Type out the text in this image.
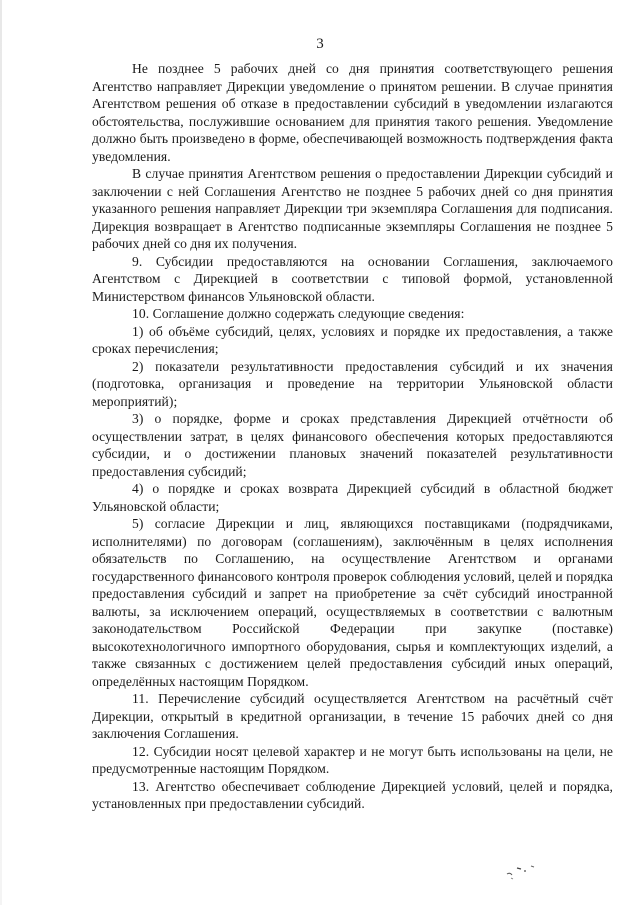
3

Не позднее 5 рабочих дней со дня принятия соответствующего решения Агентство направляет Дирекции уведомление о принятом решении. В случае принятия Агентством решения об отказе в предоставлении субсидий в уведомлении излагаются обстоятельства, послужившие основанием для принятия такого решения. Уведомление должно быть произведено в форме, обеспечивающей возможность подтверждения факта уведомления.

В случае принятия Агентством решения о предоставлении Дирекции субсидий и заключении с ней Соглашения Агентство не позднее 5 рабочих дней со дня принятия указанного решения направляет Дирекции три экземпляра Соглашения для подписания. Дирекция возвращает в Агентство подписанные экземпляры Соглашения не позднее 5 рабочих дней со дня их получения.

9. Субсидии предоставляются на основании Соглашения, заключаемого Агентством с Дирекцией в соответствии с типовой формой, установленной Министерством финансов Ульяновской области.

10. Соглашение должно содержать следующие сведения:

1) об объёме субсидий, целях, условиях и порядке их предоставления, а также сроках перечисления;

2) показатели результативности предоставления субсидий и их значения (подготовка, организация и проведение на территории Ульяновской области мероприятий);

3) о порядке, форме и сроках представления Дирекцией отчётности об осуществлении затрат, в целях финансового обеспечения которых предоставляются субсидии, и о достижении плановых значений показателей результативности предоставления субсидий;

4) о порядке и сроках возврата Дирекцией субсидий в областной бюджет Ульяновской области;

5) согласие Дирекции и лиц, являющихся поставщиками (подрядчиками, исполнителями) по договорам (соглашениям), заключённым в целях исполнения обязательств по Соглашению, на осуществление Агентством и органами государственного финансового контроля проверок соблюдения условий, целей и порядка предоставления субсидий и запрет на приобретение за счёт субсидий иностранной валюты, за исключением операций, осуществляемых в соответствии с валютным законодательством Российской Федерации при закупке (поставке) высокотехнологичного импортного оборудования, сырья и комплектующих изделий, а также связанных с достижением целей предоставления субсидий иных операций, определённых настоящим Порядком.

11. Перечисление субсидий осуществляется Агентством на расчётный счёт Дирекции, открытый в кредитной организации, в течение 15 рабочих дней со дня заключения Соглашения.

12. Субсидии носят целевой характер и не могут быть использованы на цели, не предусмотренные настоящим Порядком.

13. Агентство обеспечивает соблюдение Дирекцией условий, целей и порядка, установленных при предоставлении субсидий.
